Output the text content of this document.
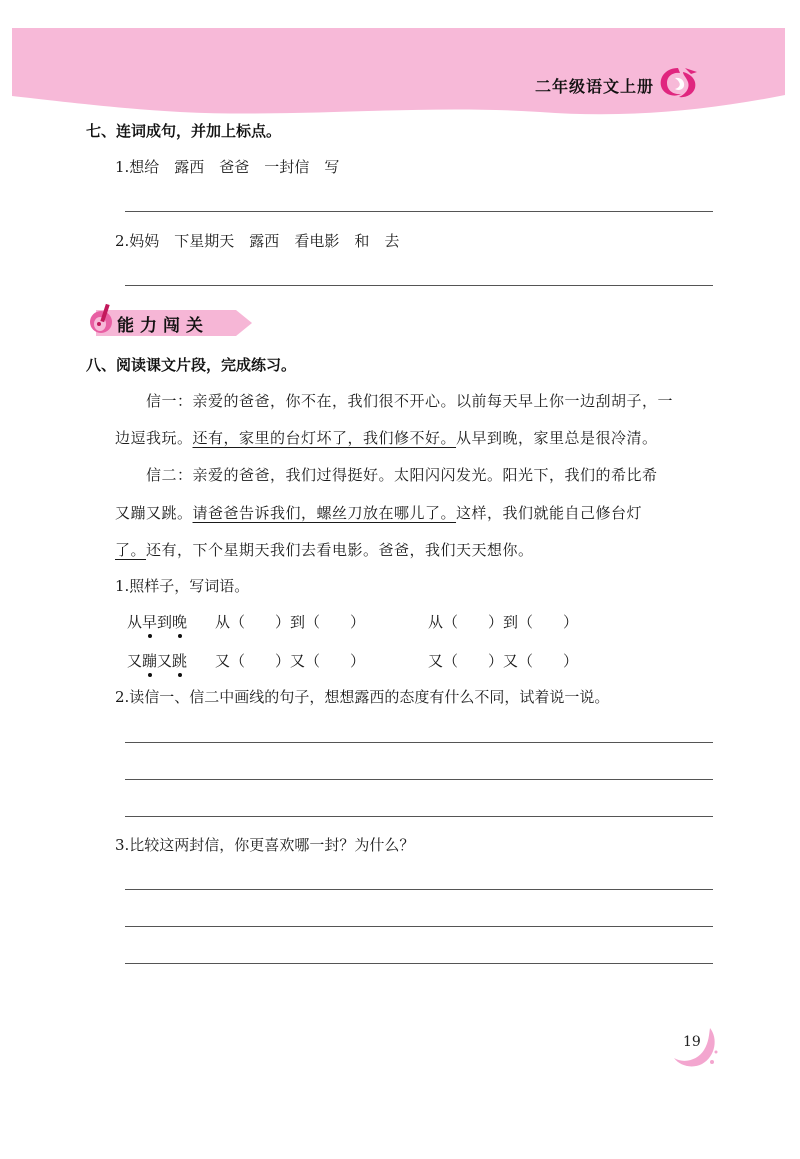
二年级语文上册
七、连词成句，并加上标点。
1.想给　露西　爸爸　一封信　写
2.妈妈　下星期天　露西　看电影　和　去
能力闯关
八、阅读课文片段，完成练习。
信一：亲爱的爸爸，你不在，我们很不开心。以前每天早上你一边刮胡子，一
边逗我玩。还有，家里的台灯坏了，我们修不好。从早到晚，家里总是很冷清。
信二：亲爱的爸爸，我们过得挺好。太阳闪闪发光。阳光下，我们的希比希
又蹦又跳。请爸爸告诉我们，螺丝刀放在哪儿了。这样，我们就能自己修台灯
了。还有，下个星期天我们去看电影。爸爸，我们天天想你。
1.照样子，写词语。
从早到晚 从（　　）到（　　）	从（　　）到（　　）
又蹦又跳 又（　　）又（　　）	又（　　）又（　　）
2.读信一、信二中画线的句子，想想露西的态度有什么不同，试着说一说。
3.比较这两封信，你更喜欢哪一封？为什么？
19
